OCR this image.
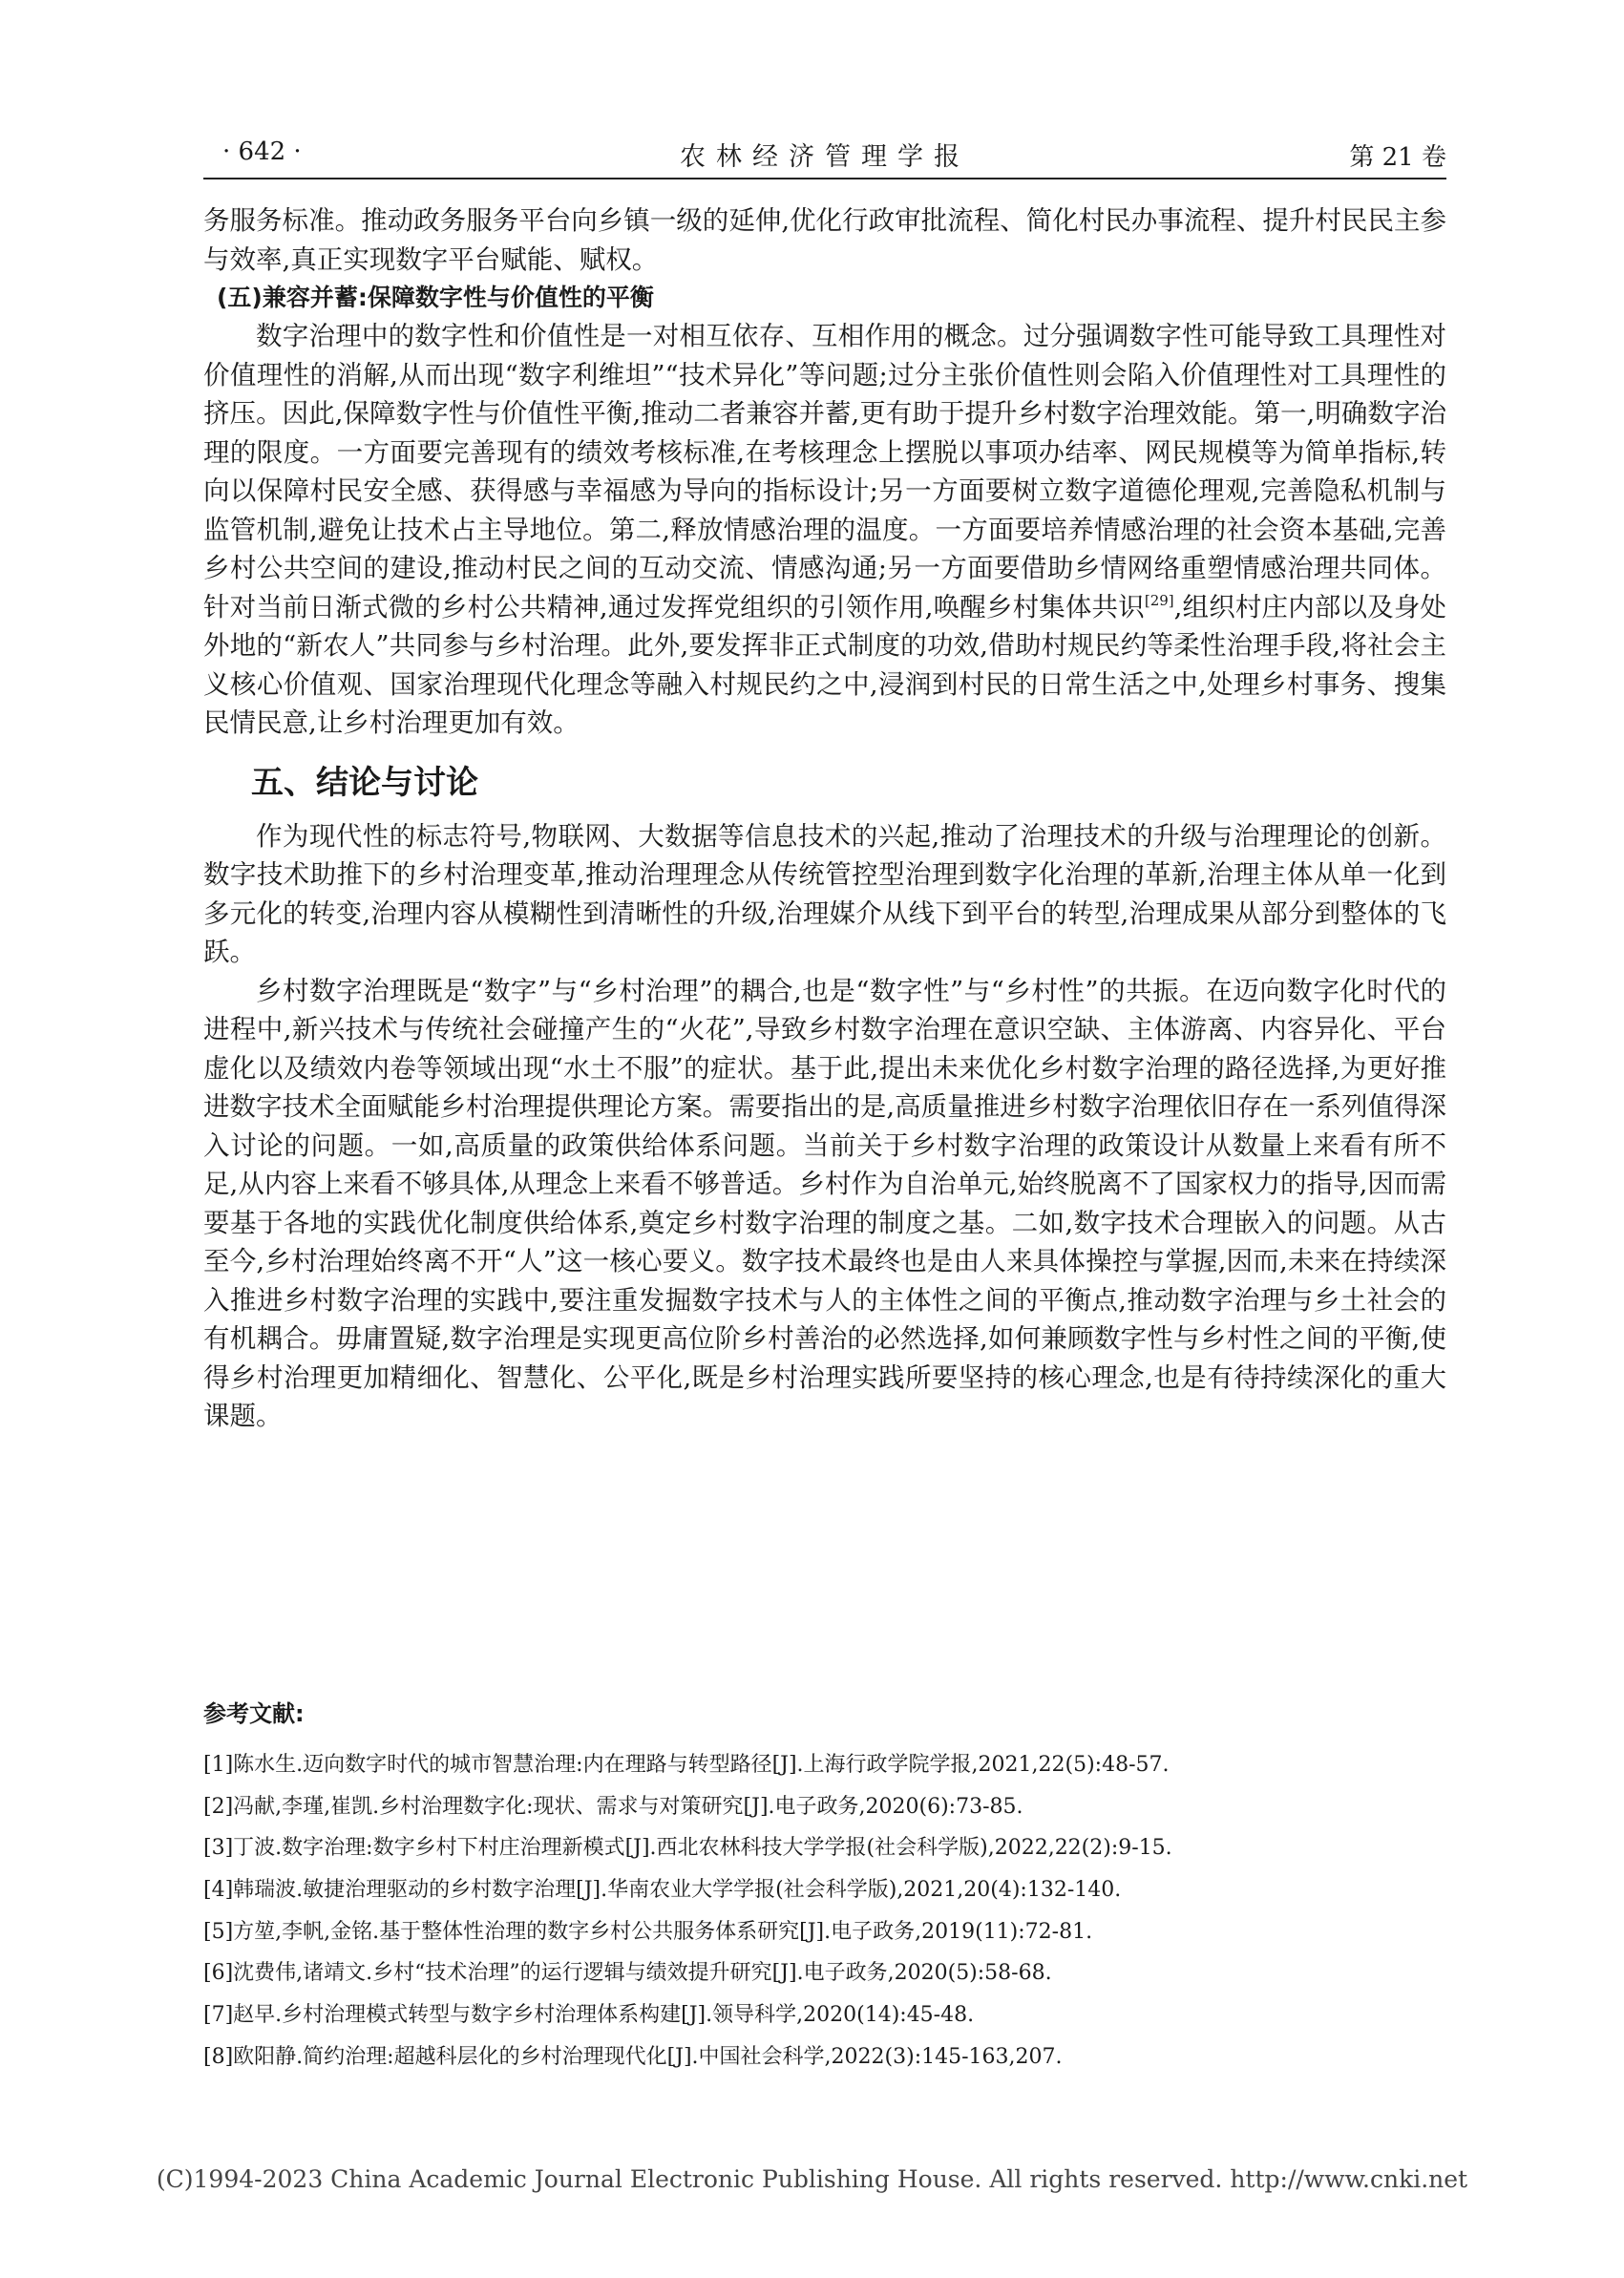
· 642 ·	农林经济管理学报	第 21 卷

务服务标准。推动政务服务平台向乡镇一级的延伸,优化行政审批流程、简化村民办事流程、提升村民民主参与效率,真正实现数字平台赋能、赋权。

(五)兼容并蓄:保障数字性与价值性的平衡

数字治理中的数字性和价值性是一对相互依存、互相作用的概念。过分强调数字性可能导致工具理性对价值理性的消解,从而出现“数字利维坦”“技术异化”等问题;过分主张价值性则会陷入价值理性对工具理性的挤压。因此,保障数字性与价值性平衡,推动二者兼容并蓄,更有助于提升乡村数字治理效能。第一,明确数字治理的限度。一方面要完善现有的绩效考核标准,在考核理念上摆脱以事项办结率、网民规模等为简单指标,转向以保障村民安全感、获得感与幸福感为导向的指标设计;另一方面要树立数字道德伦理观,完善隐私机制与监管机制,避免让技术占主导地位。第二,释放情感治理的温度。一方面要培养情感治理的社会资本基础,完善乡村公共空间的建设,推动村民之间的互动交流、情感沟通;另一方面要借助乡情网络重塑情感治理共同体。针对当前日渐式微的乡村公共精神,通过发挥党组织的引领作用,唤醒乡村集体共识[29],组织村庄内部以及身处外地的“新农人”共同参与乡村治理。此外,要发挥非正式制度的功效,借助村规民约等柔性治理手段,将社会主义核心价值观、国家治理现代化理念等融入村规民约之中,浸润到村民的日常生活之中,处理乡村事务、搜集民情民意,让乡村治理更加有效。

五、结论与讨论

作为现代性的标志符号,物联网、大数据等信息技术的兴起,推动了治理技术的升级与治理理论的创新。数字技术助推下的乡村治理变革,推动治理理念从传统管控型治理到数字化治理的革新,治理主体从单一化到多元化的转变,治理内容从模糊性到清晰性的升级,治理媒介从线下到平台的转型,治理成果从部分到整体的飞跃。

乡村数字治理既是“数字”与“乡村治理”的耦合,也是“数字性”与“乡村性”的共振。在迈向数字化时代的进程中,新兴技术与传统社会碰撞产生的“火花”,导致乡村数字治理在意识空缺、主体游离、内容异化、平台虚化以及绩效内卷等领域出现“水土不服”的症状。基于此,提出未来优化乡村数字治理的路径选择,为更好推进数字技术全面赋能乡村治理提供理论方案。需要指出的是,高质量推进乡村数字治理依旧存在一系列值得深入讨论的问题。一如,高质量的政策供给体系问题。当前关于乡村数字治理的政策设计从数量上来看有所不足,从内容上来看不够具体,从理念上来看不够普适。乡村作为自治单元,始终脱离不了国家权力的指导,因而需要基于各地的实践优化制度供给体系,奠定乡村数字治理的制度之基。二如,数字技术合理嵌入的问题。从古至今,乡村治理始终离不开“人”这一核心要义。数字技术最终也是由人来具体操控与掌握,因而,未来在持续深入推进乡村数字治理的实践中,要注重发掘数字技术与人的主体性之间的平衡点,推动数字治理与乡土社会的有机耦合。毋庸置疑,数字治理是实现更高位阶乡村善治的必然选择,如何兼顾数字性与乡村性之间的平衡,使得乡村治理更加精细化、智慧化、公平化,既是乡村治理实践所要坚持的核心理念,也是有待持续深化的重大课题。

参考文献:
[1]陈水生.迈向数字时代的城市智慧治理:内在理路与转型路径[J].上海行政学院学报,2021,22(5):48-57.
[2]冯献,李瑾,崔凯.乡村治理数字化:现状、需求与对策研究[J].电子政务,2020(6):73-85.
[3]丁波.数字治理:数字乡村下村庄治理新模式[J].西北农林科技大学学报(社会科学版),2022,22(2):9-15.
[4]韩瑞波.敏捷治理驱动的乡村数字治理[J].华南农业大学学报(社会科学版),2021,20(4):132-140.
[5]方堃,李帆,金铭.基于整体性治理的数字乡村公共服务体系研究[J].电子政务,2019(11):72-81.
[6]沈费伟,诸靖文.乡村“技术治理”的运行逻辑与绩效提升研究[J].电子政务,2020(5):58-68.
[7]赵早.乡村治理模式转型与数字乡村治理体系构建[J].领导科学,2020(14):45-48.
[8]欧阳静.简约治理:超越科层化的乡村治理现代化[J].中国社会科学,2022(3):145-163,207.
(C)1994-2023 China Academic Journal Electronic Publishing House. All rights reserved. http://www.cnki.net
